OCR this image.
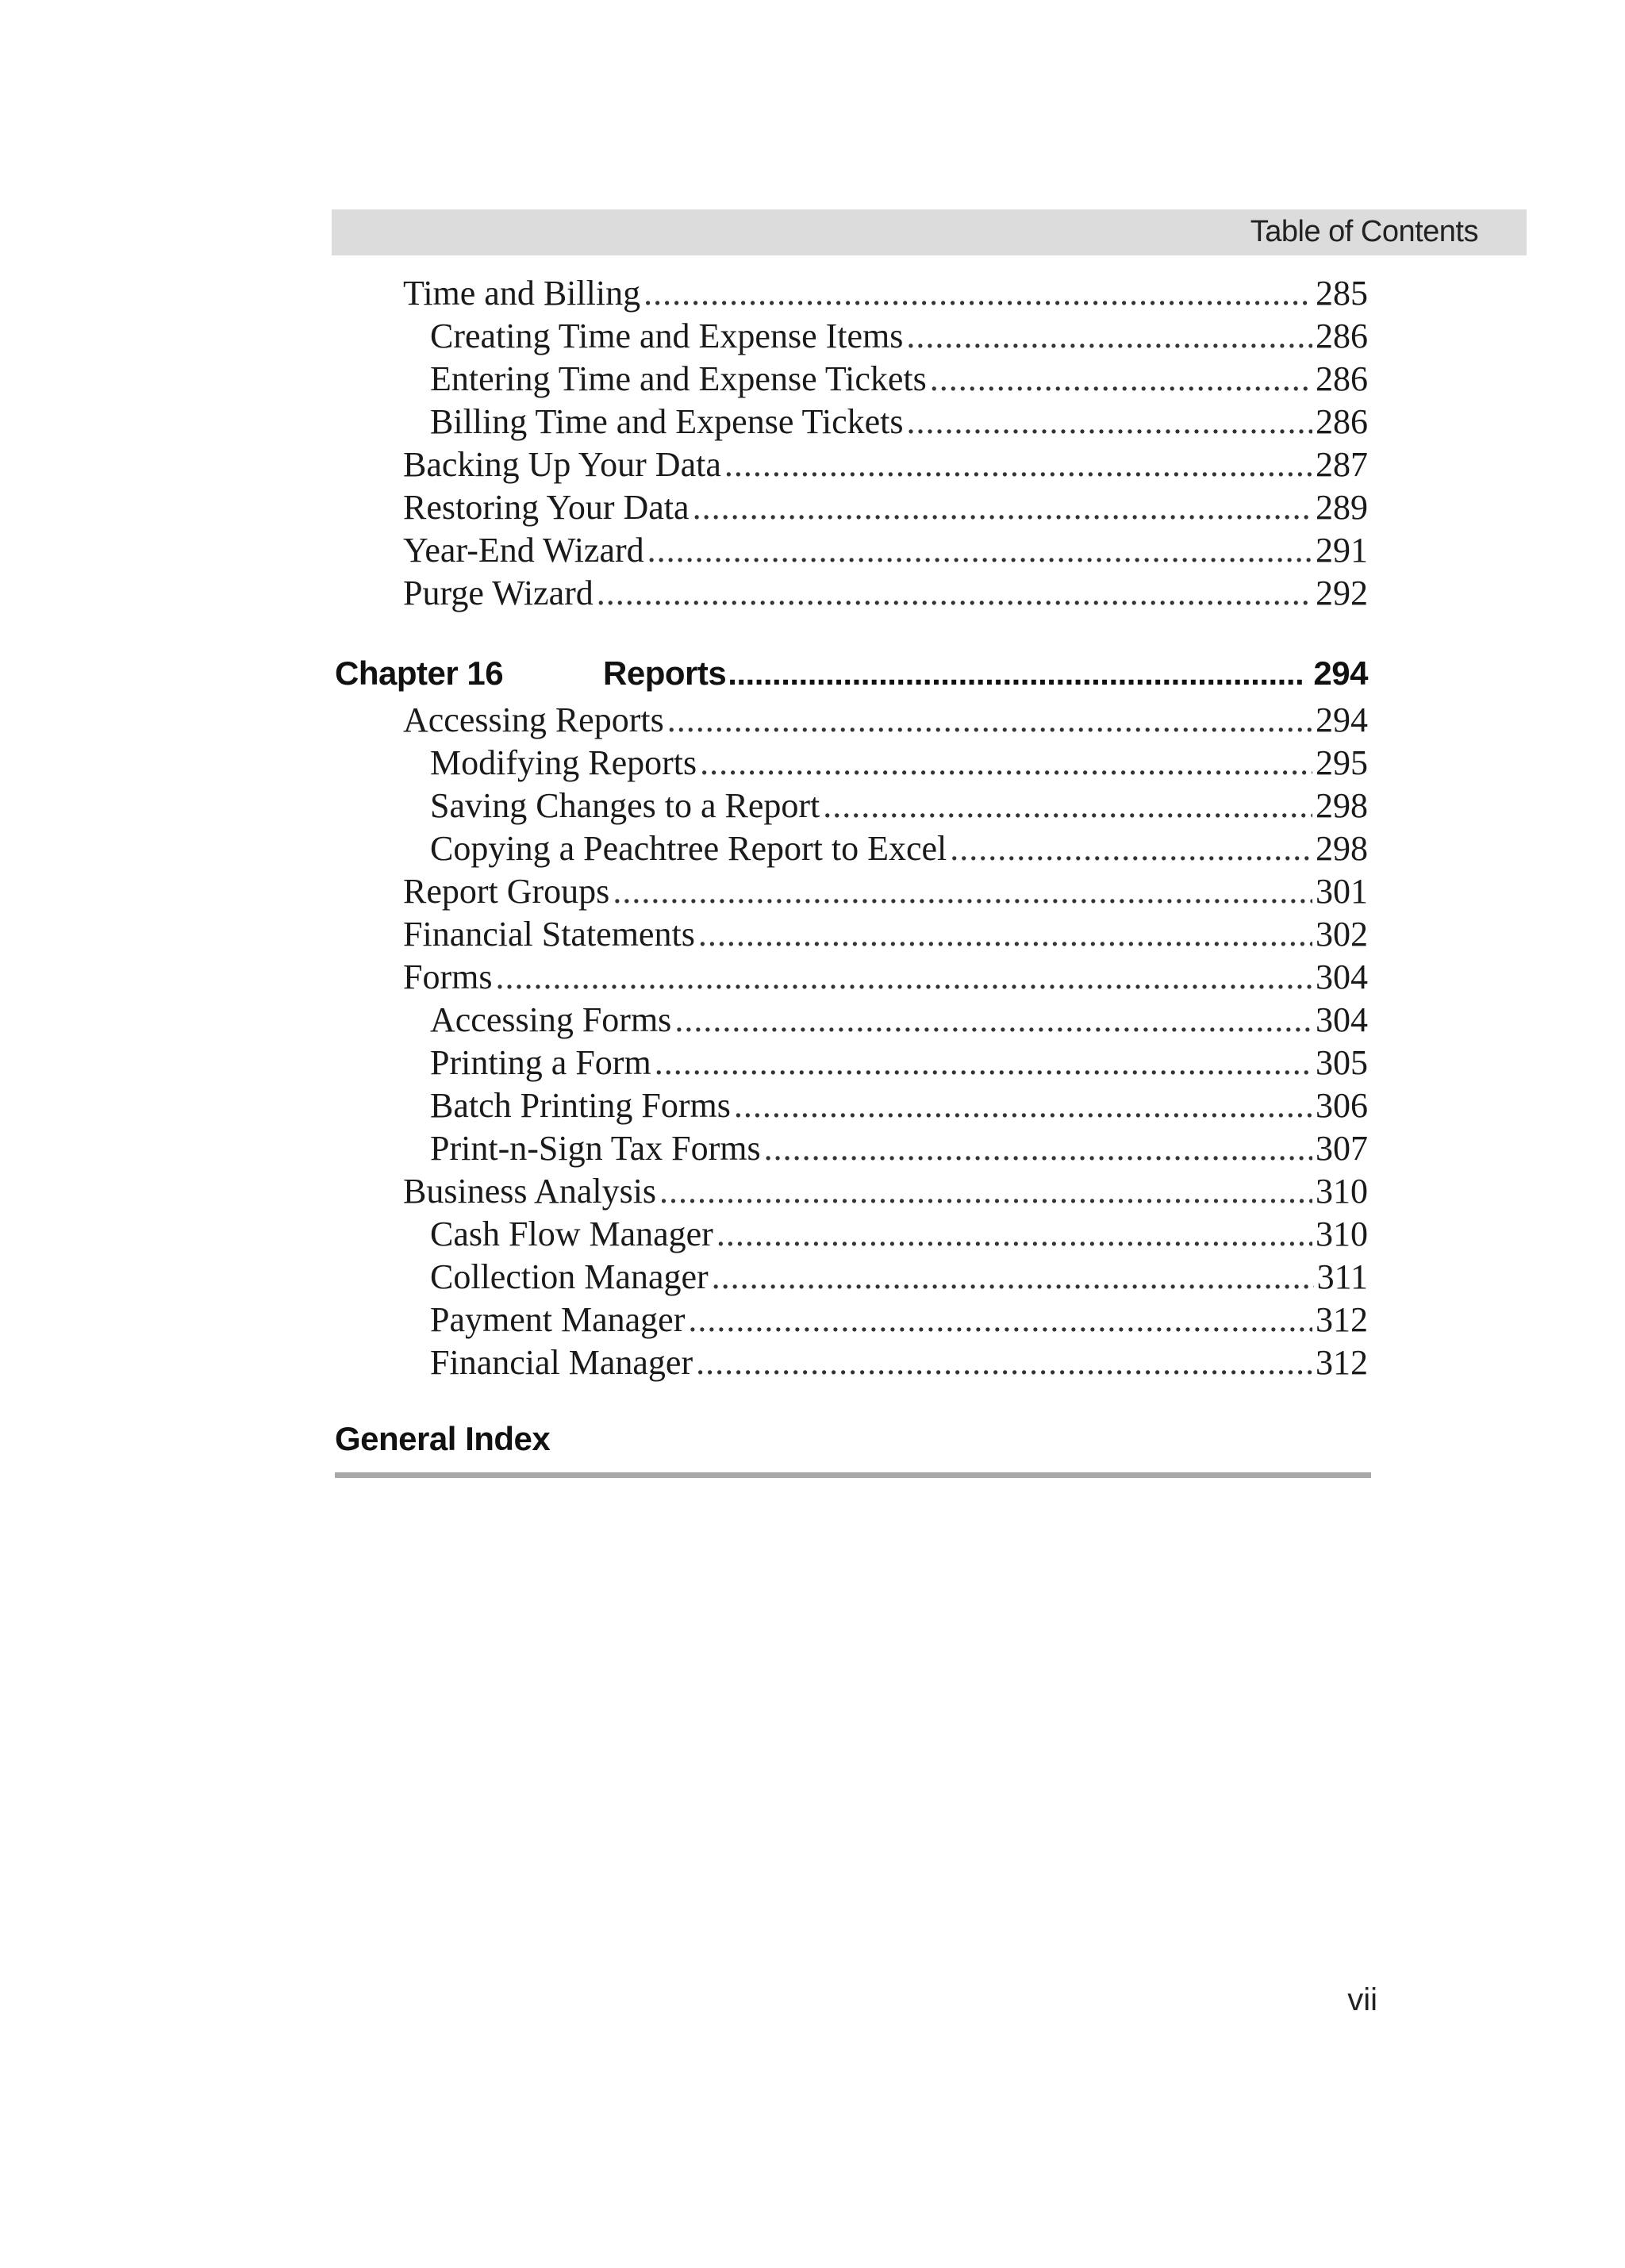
Table of Contents
Time and Billing .....	285
Creating Time and Expense Items .....	286
Entering Time and Expense Tickets .....	286
Billing Time and Expense Tickets .....	286
Backing Up Your Data .....	287
Restoring Your Data .....	289
Year-End Wizard .....	291
Purge Wizard .....	292
Chapter 16	Reports .....	294
Accessing Reports .....	294
Modifying Reports .....	295
Saving Changes to a Report .....	298
Copying a Peachtree Report to Excel .....	298
Report Groups .....	301
Financial Statements .....	302
Forms .....	304
Accessing Forms .....	304
Printing a Form .....	305
Batch Printing Forms .....	306
Print-n-Sign Tax Forms .....	307
Business Analysis .....	310
Cash Flow Manager .....	310
Collection Manager .....	311
Payment Manager .....	312
Financial Manager .....	312
General Index
vii
